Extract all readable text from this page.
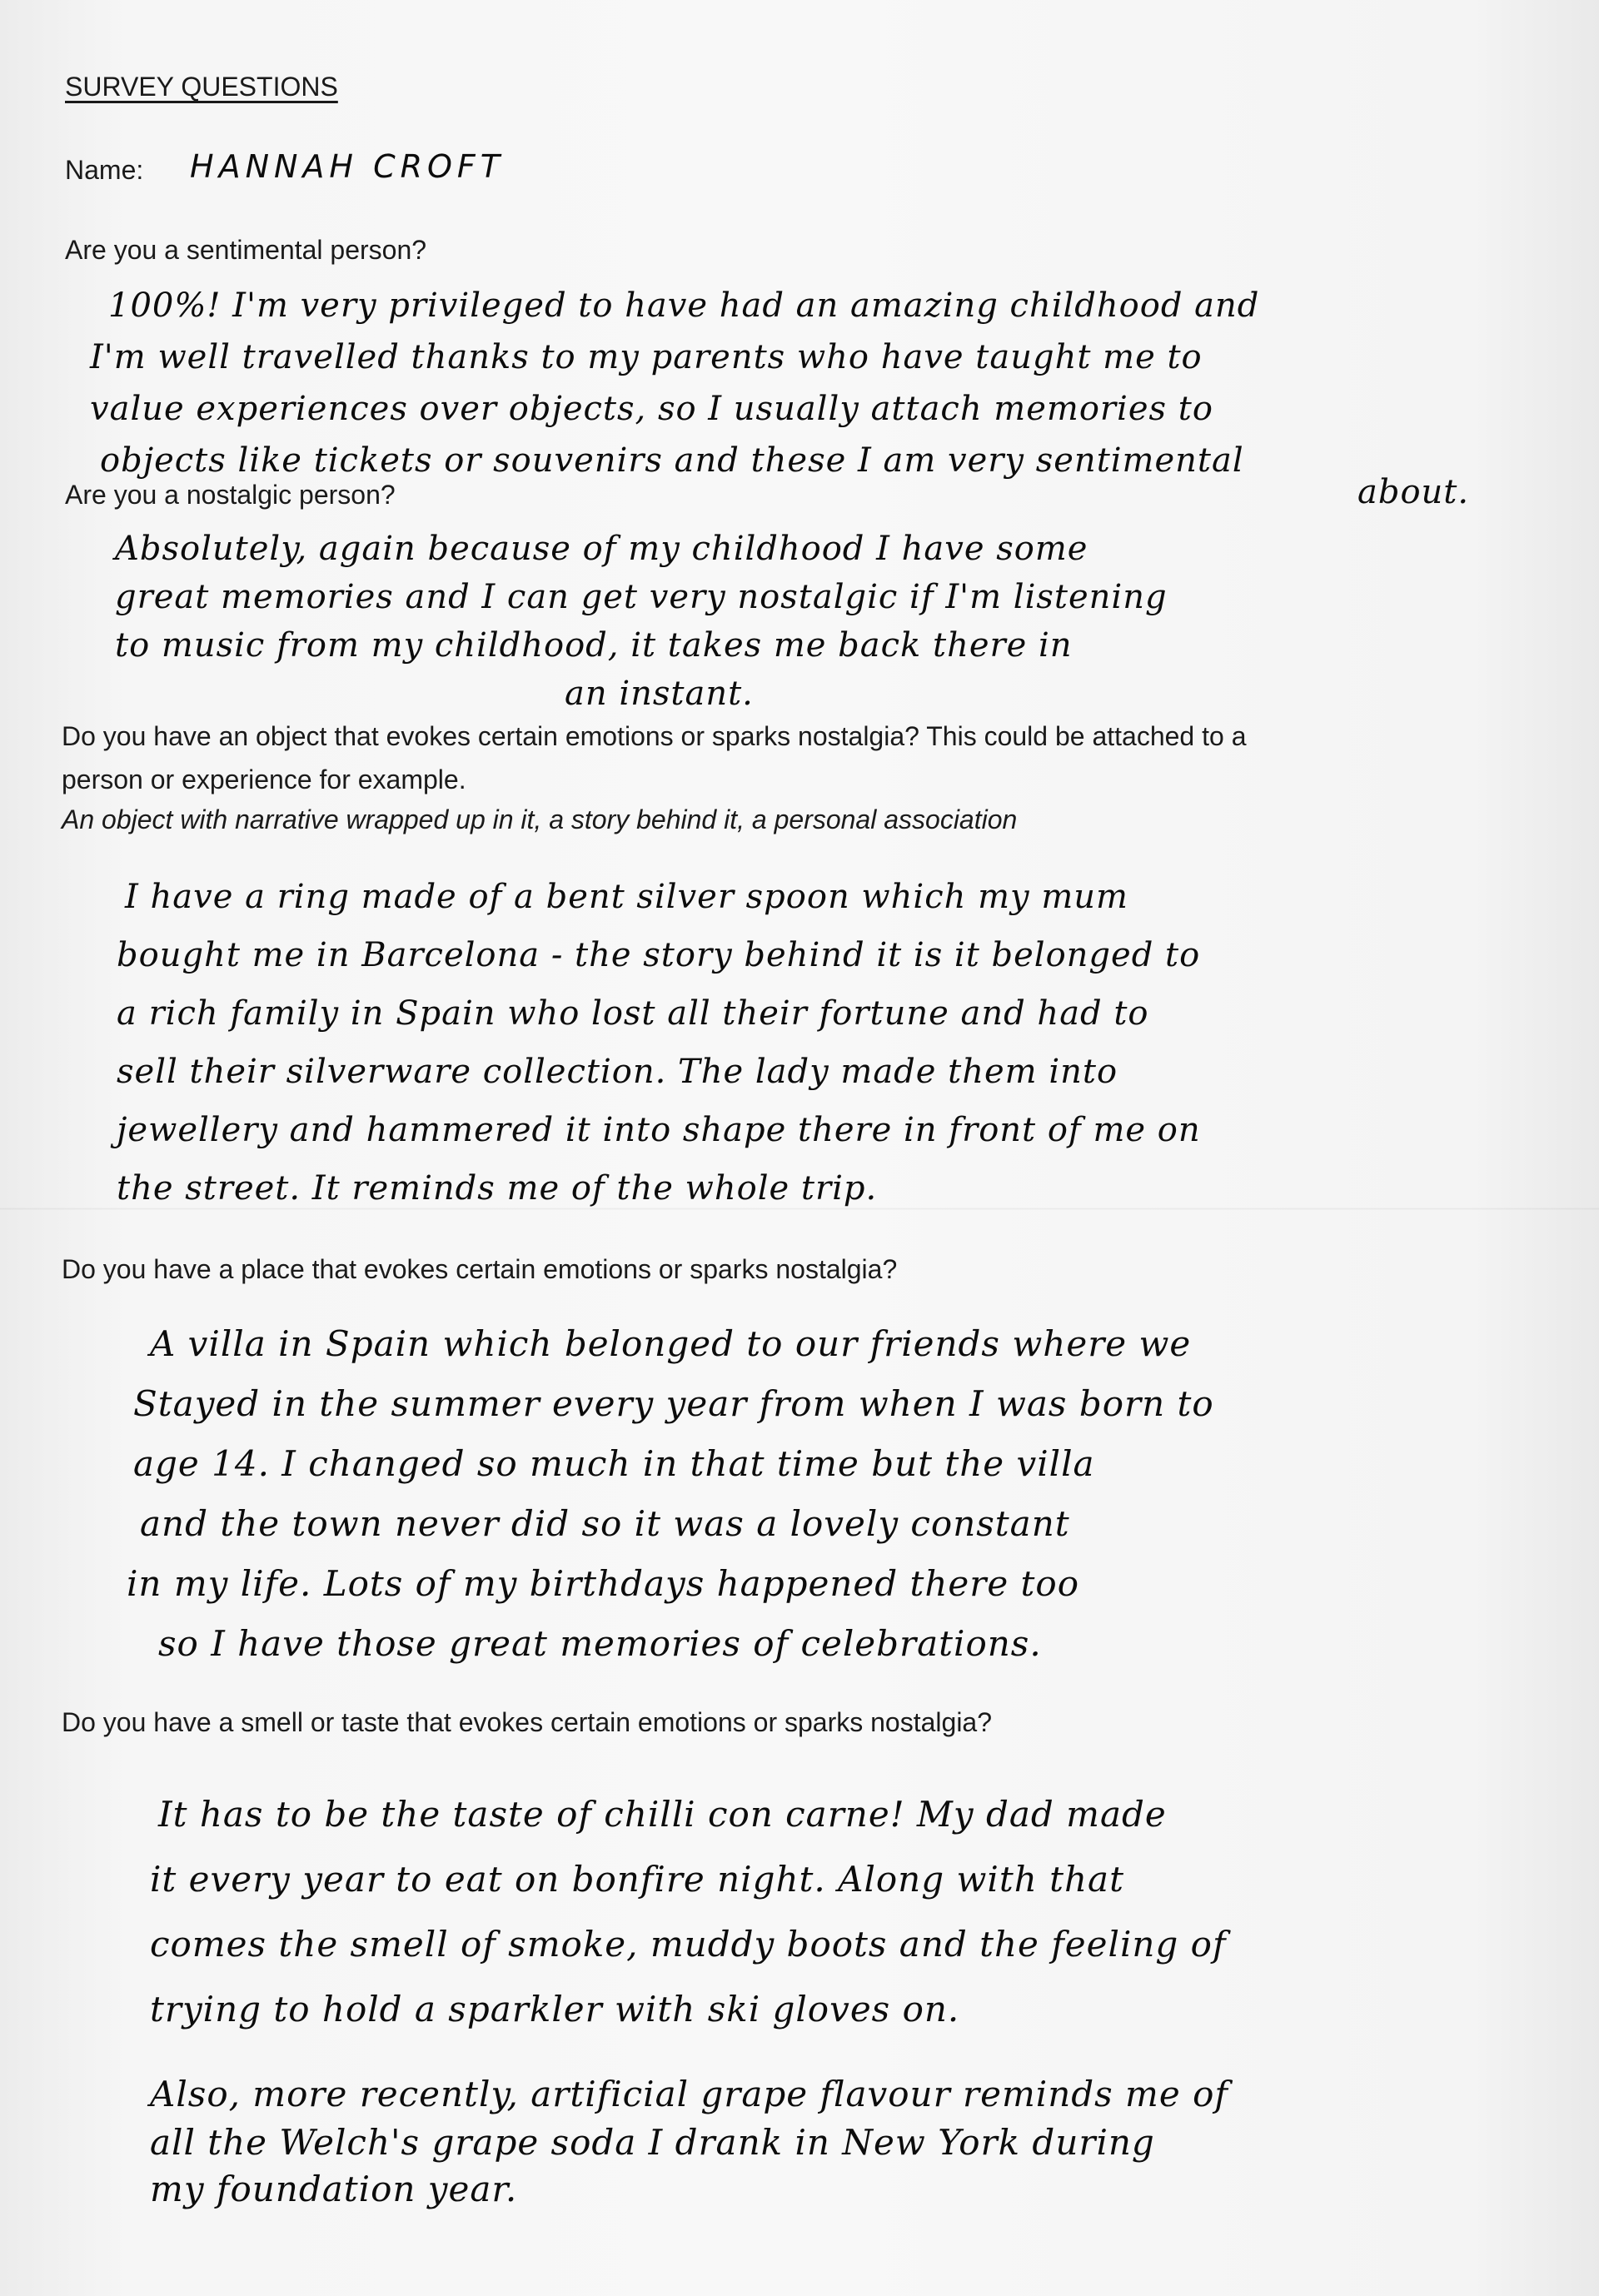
SURVEY QUESTIONS

Name: HANNAH CROFT

Are you a sentimental person?

100%! I'm very privileged to have had an amazing childhood and
I'm well travelled thanks to my parents who have taught me to
value experiences over objects, so I usually attach memories to
objects like tickets or souvenirs and these I am very sentimental
about.

Are you a nostalgic person?

Absolutely, again because of my childhood I have some
great memories and I can get very nostalgic if I'm listening
to music from my childhood, it takes me back there in
an instant.

Do you have an object that evokes certain emotions or sparks nostalgia? This could be attached to a

person or experience for example.

An object with narrative wrapped up in it, a story behind it, a personal association

I have a ring made of a bent silver spoon which my mum
bought me in Barcelona - the story behind it is it belonged to
a rich family in Spain who lost all their fortune and had to
sell their silverware collection. The lady made them into
jewellery and hammered it into shape there in front of me on
the street. It reminds me of the whole trip.

Do you have a place that evokes certain emotions or sparks nostalgia?

A villa in Spain which belonged to our friends where we
Stayed in the summer every year from when I was born to
age 14. I changed so much in that time but the villa
and the town never did so it was a lovely constant
in my life. Lots of my birthdays happened there too
so I have those great memories of celebrations.

Do you have a smell or taste that evokes certain emotions or sparks nostalgia?

It has to be the taste of chilli con carne! My dad made
it every year to eat on bonfire night. Along with that
comes the smell of smoke, muddy boots and the feeling of
trying to hold a sparkler with ski gloves on.
Also, more recently, artificial grape flavour reminds me of
all the Welch's grape soda I drank in New York during
my foundation year.
